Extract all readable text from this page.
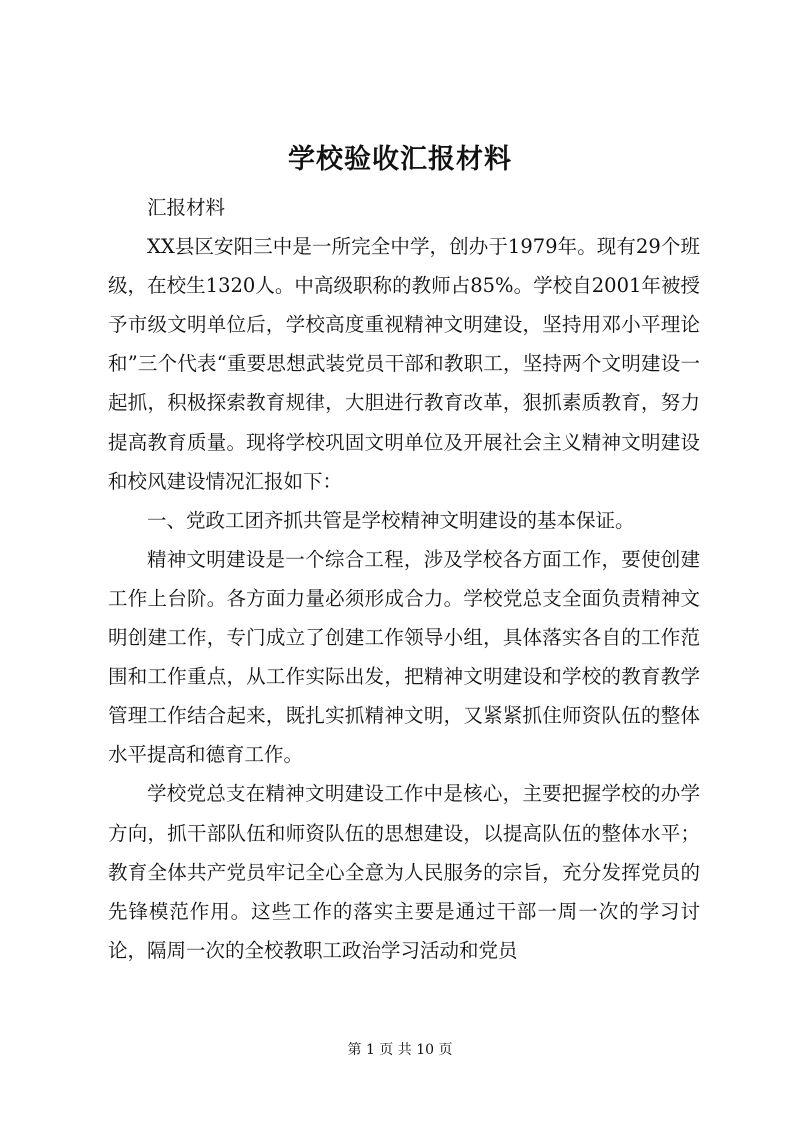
学校验收汇报材料

汇报材料

XX县区安阳三中是一所完全中学，创办于1979年。现有29个班级，在校生1320人。中高级职称的教师占85%。学校自2001年被授予市级文明单位后，学校高度重视精神文明建设，坚持用邓小平理论和”三个代表“重要思想武装党员干部和教职工，坚持两个文明建设一起抓，积极探索教育规律，大胆进行教育改革，狠抓素质教育，努力提高教育质量。现将学校巩固文明单位及开展社会主义精神文明建设和校风建设情况汇报如下：

一、党政工团齐抓共管是学校精神文明建设的基本保证。

精神文明建设是一个综合工程，涉及学校各方面工作，要使创建工作上台阶。各方面力量必须形成合力。学校党总支全面负责精神文明创建工作，专门成立了创建工作领导小组，具体落实各自的工作范围和工作重点，从工作实际出发，把精神文明建设和学校的教育教学管理工作结合起来，既扎实抓精神文明，又紧紧抓住师资队伍的整体水平提高和德育工作。

学校党总支在精神文明建设工作中是核心，主要把握学校的办学方向，抓干部队伍和师资队伍的思想建设，以提高队伍的整体水平；教育全体共产党员牢记全心全意为人民服务的宗旨，充分发挥党员的先锋模范作用。这些工作的落实主要是通过干部一周一次的学习讨论，隔周一次的全校教职工政治学习活动和党员

第 1 页 共 10 页
